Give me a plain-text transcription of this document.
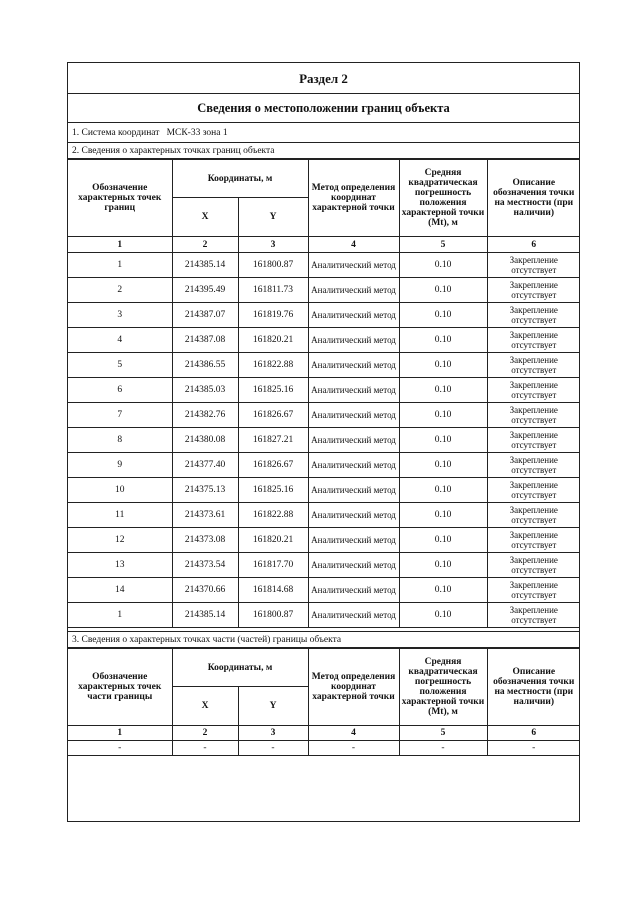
Раздел 2
Сведения о местоположении границ объекта
1. Система координат МСК-33 зона 1
2. Сведения о характерных точках границ объекта
Обозначение характерных точек границ	Координаты, м		Метод определения координат характерной точки	Средняя квадратическая погрешность положения характерной точки (Mt), м	Описание обозначения точки на местности (при наличии)
	X	Y			
1	2	3	4	5	6
1	214385.14	161800.87	Аналитический метод	0.10	Закрепление отсутствует
2	214395.49	161811.73	Аналитический метод	0.10	Закрепление отсутствует
3	214387.07	161819.76	Аналитический метод	0.10	Закрепление отсутствует
4	214387.08	161820.21	Аналитический метод	0.10	Закрепление отсутствует
5	214386.55	161822.88	Аналитический метод	0.10	Закрепление отсутствует
6	214385.03	161825.16	Аналитический метод	0.10	Закрепление отсутствует
7	214382.76	161826.67	Аналитический метод	0.10	Закрепление отсутствует
8	214380.08	161827.21	Аналитический метод	0.10	Закрепление отсутствует
9	214377.40	161826.67	Аналитический метод	0.10	Закрепление отсутствует
10	214375.13	161825.16	Аналитический метод	0.10	Закрепление отсутствует
11	214373.61	161822.88	Аналитический метод	0.10	Закрепление отсутствует
12	214373.08	161820.21	Аналитический метод	0.10	Закрепление отсутствует
13	214373.54	161817.70	Аналитический метод	0.10	Закрепление отсутствует
14	214370.66	161814.68	Аналитический метод	0.10	Закрепление отсутствует
1	214385.14	161800.87	Аналитический метод	0.10	Закрепление отсутствует
3. Сведения о характерных точках части (частей) границы объекта
Обозначение характерных точек части границы	Координаты, м		Метод определения координат характерной точки	Средняя квадратическая погрешность положения характерной точки (Mt), м	Описание обозначения точки на местности (при наличии)
	X	Y			
1	2	3	4	5	6
-	-	-	-	-	-
